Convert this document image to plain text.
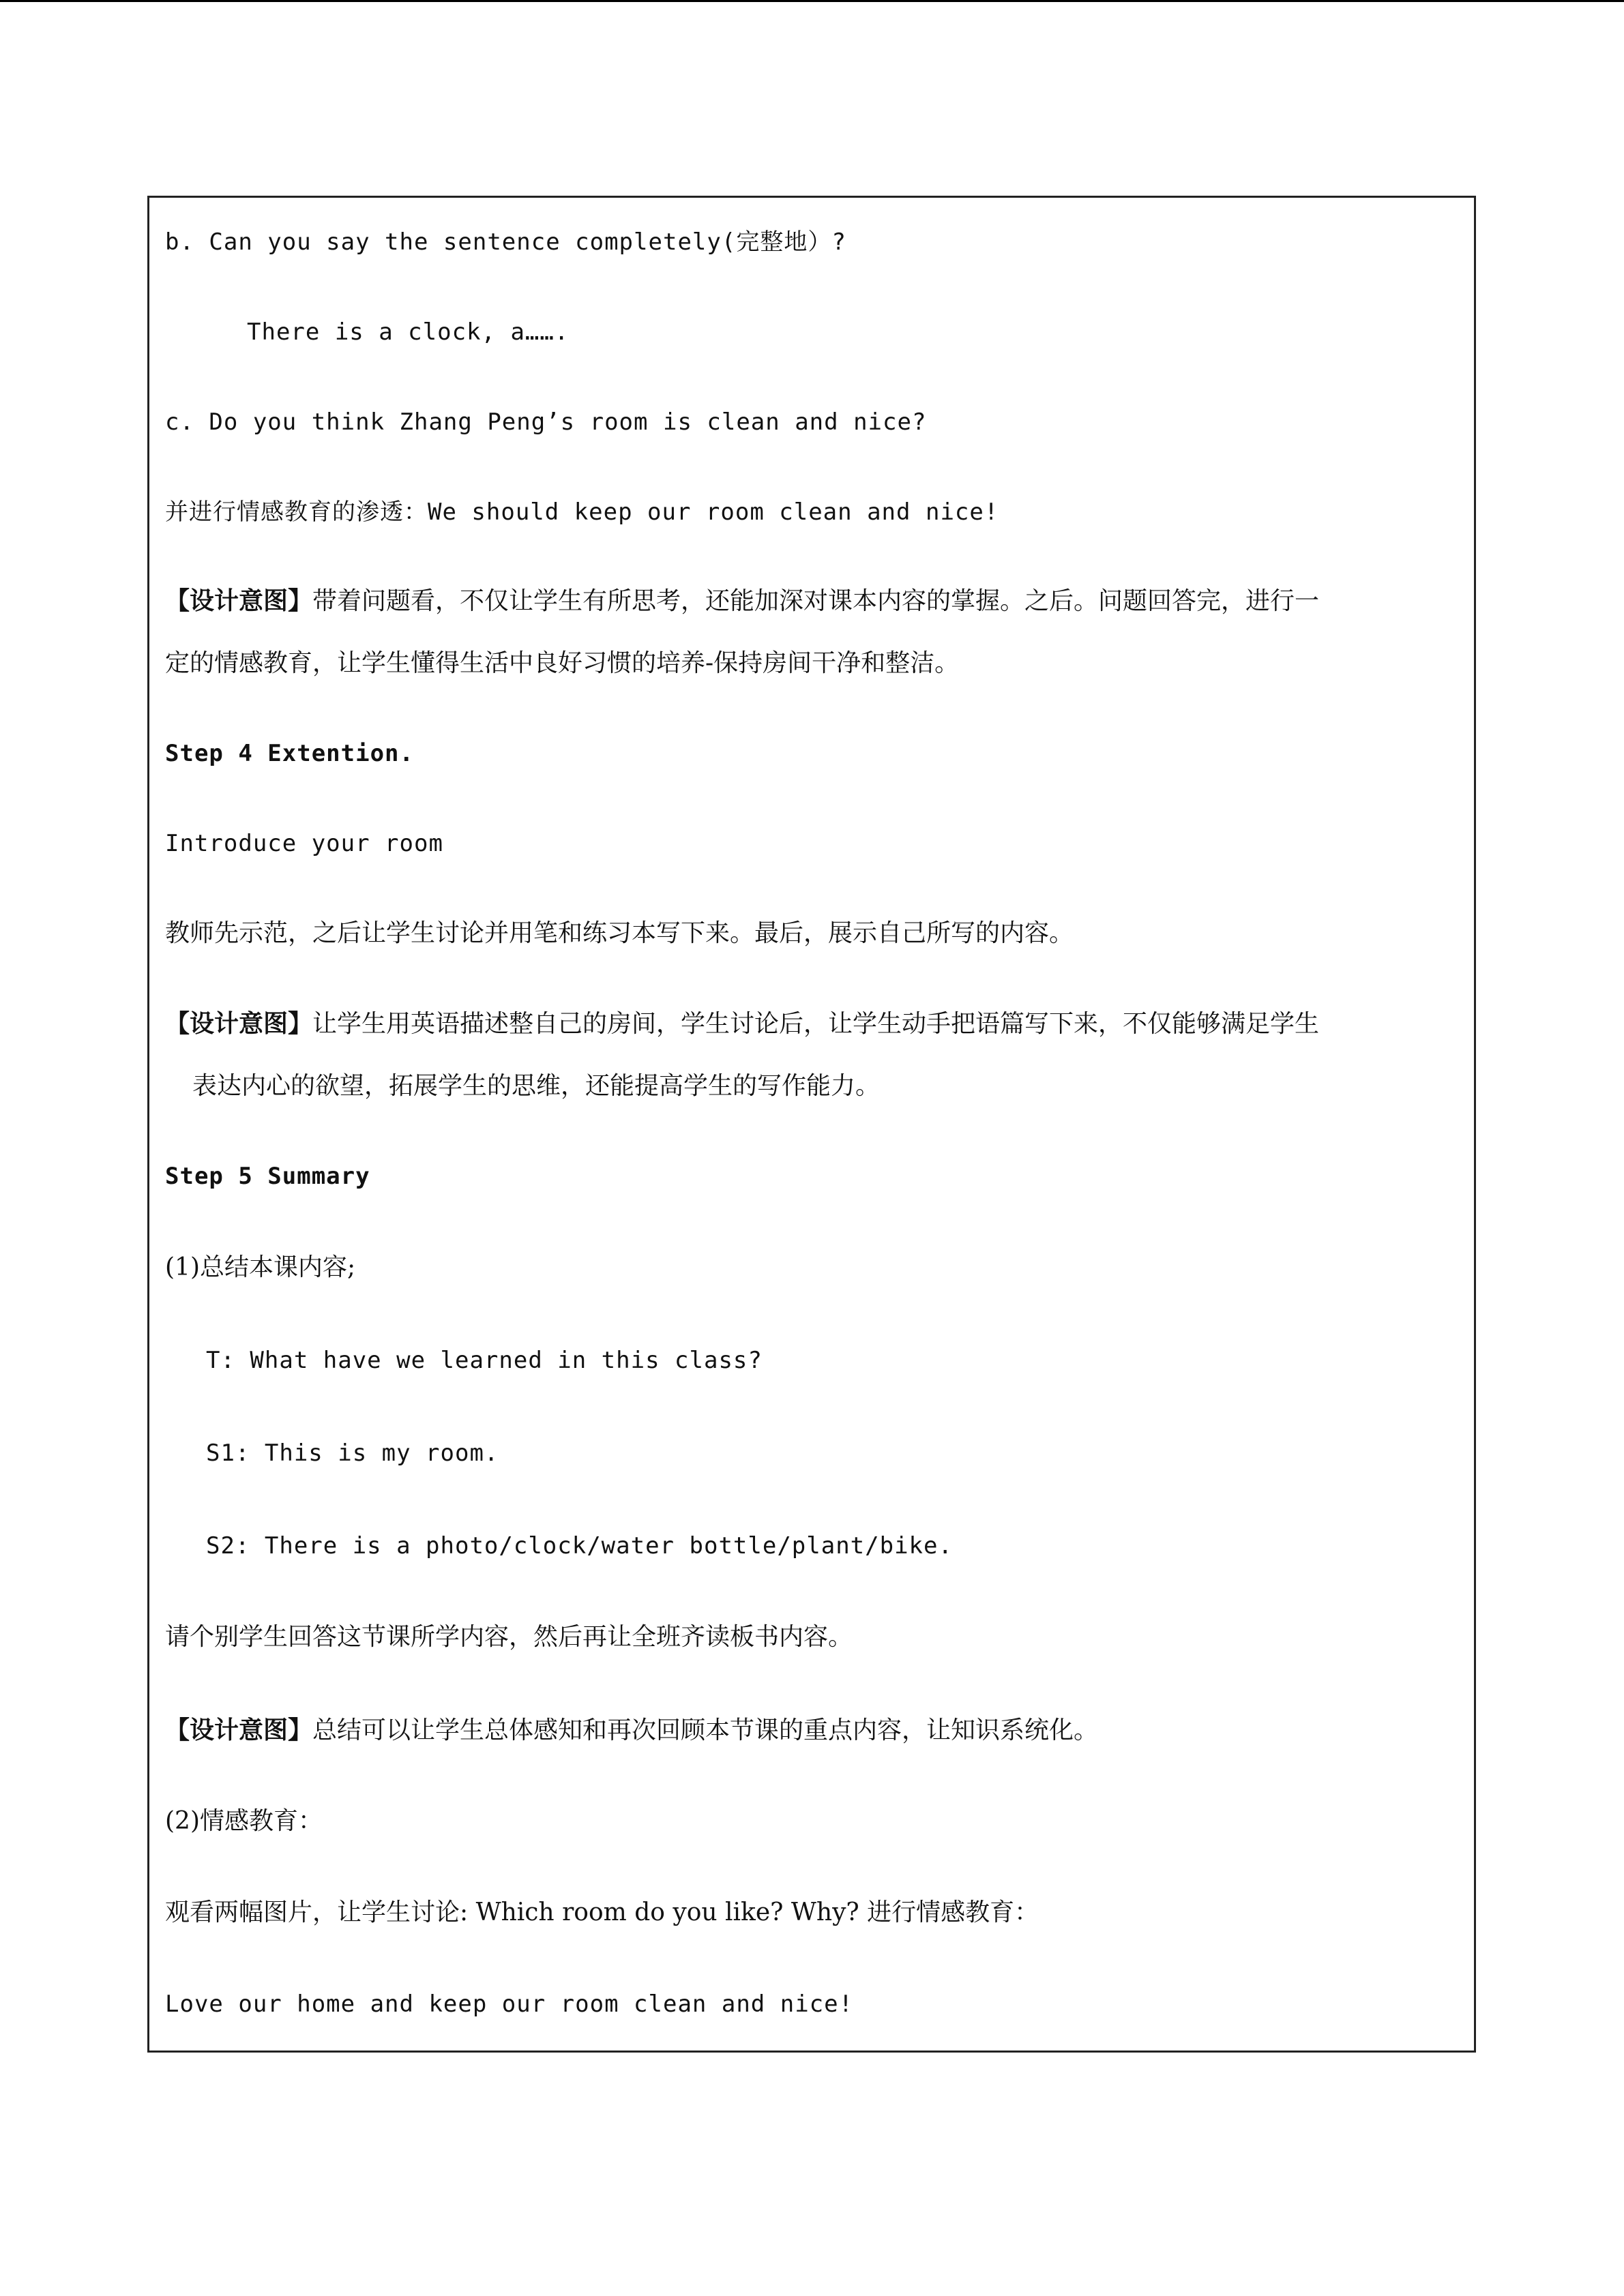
b. Can you say the sentence completely(完整地）?
There is a clock, a…….
c. Do you think Zhang Peng’s room is clean and nice?
并进行情感教育的渗透：We should keep our room clean and nice!
【设计意图】带着问题看，不仅让学生有所思考，还能加深对课本内容的掌握。之后。问题回答完，进行一
定的情感教育，让学生懂得生活中良好习惯的培养-保持房间干净和整洁。
Step 4 Extention.
Introduce your room
教师先示范，之后让学生讨论并用笔和练习本写下来。最后，展示自己所写的内容。
【设计意图】让学生用英语描述整自己的房间，学生讨论后，让学生动手把语篇写下来，不仅能够满足学生
表达内心的欲望，拓展学生的思维，还能提高学生的写作能力。
Step 5 Summary
(1)总结本课内容;
T: What have we learned in this class?
S1: This is my room.
S2: There is a photo/clock/water bottle/plant/bike.
请个别学生回答这节课所学内容，然后再让全班齐读板书内容。
【设计意图】总结可以让学生总体感知和再次回顾本节课的重点内容，让知识系统化。
(2)情感教育：
观看两幅图片，让学生讨论: Which room do you like? Why? 进行情感教育：
Love our home and keep our room clean and nice!
